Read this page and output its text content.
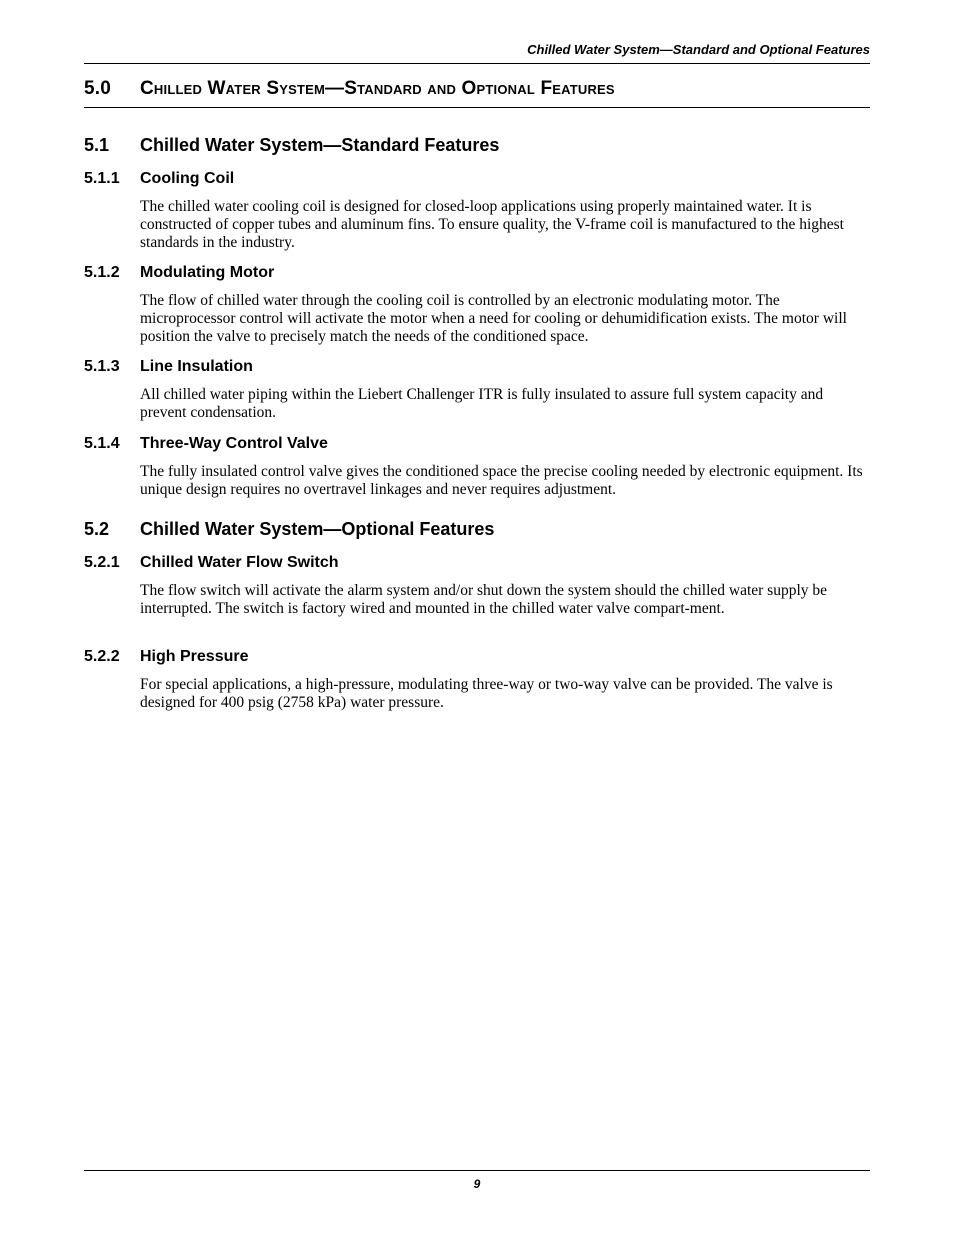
Chilled Water System—Standard and Optional Features
5.0 Chilled Water System—Standard and Optional Features
5.1 Chilled Water System—Standard Features
5.1.1 Cooling Coil

The chilled water cooling coil is designed for closed-loop applications using properly maintained water. It is constructed of copper tubes and aluminum fins. To ensure quality, the V-frame coil is manufactured to the highest standards in the industry.

5.1.2 Modulating Motor

The flow of chilled water through the cooling coil is controlled by an electronic modulating motor. The microprocessor control will activate the motor when a need for cooling or dehumidification exists. The motor will position the valve to precisely match the needs of the conditioned space.

5.1.3 Line Insulation

All chilled water piping within the Liebert Challenger ITR is fully insulated to assure full system capacity and prevent condensation.

5.1.4 Three-Way Control Valve

The fully insulated control valve gives the conditioned space the precise cooling needed by electronic equipment. Its unique design requires no overtravel linkages and never requires adjustment.

5.2 Chilled Water System—Optional Features
5.2.1 Chilled Water Flow Switch

The flow switch will activate the alarm system and/or shut down the system should the chilled water supply be interrupted. The switch is factory wired and mounted in the chilled water valve compart-ment.

5.2.2 High Pressure

For special applications, a high-pressure, modulating three-way or two-way valve can be provided. The valve is designed for 400 psig (2758 kPa) water pressure.

9
